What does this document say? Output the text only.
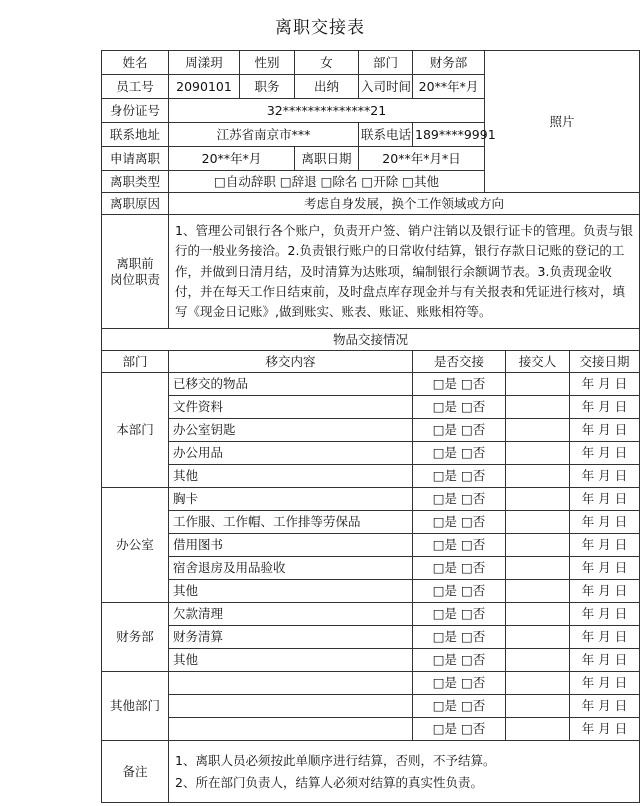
离职交接表
姓名	周漾玥	性别	女	部门	财务部	照片		
员工号	2090101	职务	出纳	入司时间	20**年*月			
身份证号	32**************21							
联系地址	江苏省南京市***			联系电话	189****9991			
申请离职	20**年*月		离职日期	20**年*月*日				
离职类型	□自动辞职 □辞退 □除名 □开除 □其他							
离职原因	考虑自身发展，换个工作领域或方向							

离职前
岗位职责	1、管理公司银行各个账户，负责开户签、销户注销以及银行证卡的管理。负责与银行的一般业务接洽。2.负责银行账户的日常收付结算，银行存款日记账的登记的工作，并做到日清月结，及时清算为达账项，编制银行余额调节表。3.负责现金收付，并在每天工作日结束前，及时盘点库存现金并与有关报表和凭证进行核对，填写《现金日记账》,做到账实、账表、账证、账账相符等。							
物品交接情况								
部门	移交内容				是否交接		接交人	交接日期
本部门	已移交的物品				□是 □否			年 月 日
	文件资料				□是 □否			年 月 日
	办公室钥匙				□是 □否			年 月 日
	办公用品				□是 □否			年 月 日
	其他				□是 □否			年 月 日
办公室	胸卡				□是 □否			年 月 日
	工作服、工作帽、工作排等劳保品				□是 □否			年 月 日
	借用图书				□是 □否			年 月 日
	宿舍退房及用品验收				□是 □否			年 月 日
	其他				□是 □否			年 月 日
财务部	欠款清理				□是 □否			年 月 日
	财务清算				□是 □否			年 月 日
	其他				□是 □否			年 月 日
其他部门					□是 □否			年 月 日
					□是 □否			年 月 日
					□是 □否			年 月 日
备注	1、离职人员必须按此单顺序进行结算，否则，不予结算。
2、所在部门负责人，结算人必须对结算的真实性负责。							
